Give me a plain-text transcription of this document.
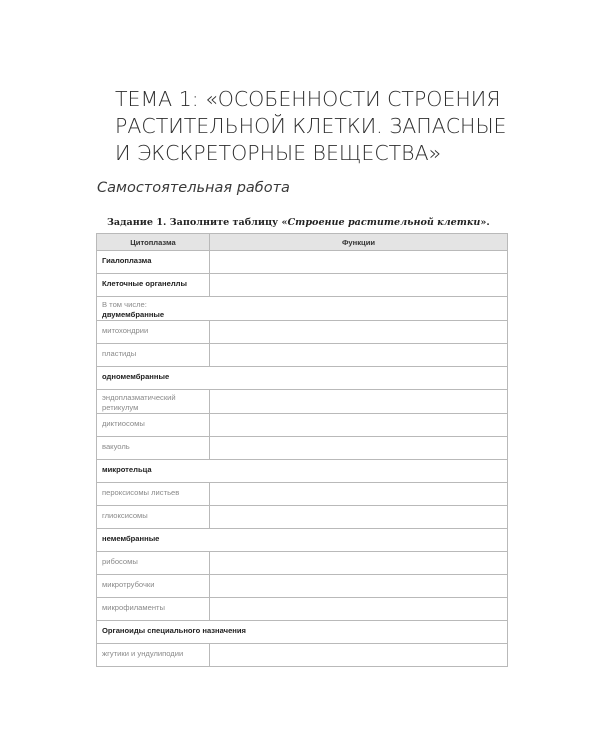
ТЕМА 1: «ОСОБЕННОСТИ СТРОЕНИЯ
РАСТИТЕЛЬНОЙ КЛЕТКИ. ЗАПАСНЫЕ
И ЭКСКРЕТОРНЫЕ ВЕЩЕСТВА»
Самостоятельная работа
Задание 1. Заполните таблицу «Строение растительной клетки».
Цитоплазма	Функции
Гиалоплазма	
Клеточные органеллы	

В том числе:
двумембранные	

митохондрии	
пластиды	
одномембранные	

эндоплазматический
ретикулум	

диктиосомы	
вакуоль	
микротельца	
пероксисомы листьев	
глиоксисомы	
немембранные	
рибосомы	
микротрубочки	
микрофиламенты	
Органоиды специального назначения	
жгутики и ундулиподии	
